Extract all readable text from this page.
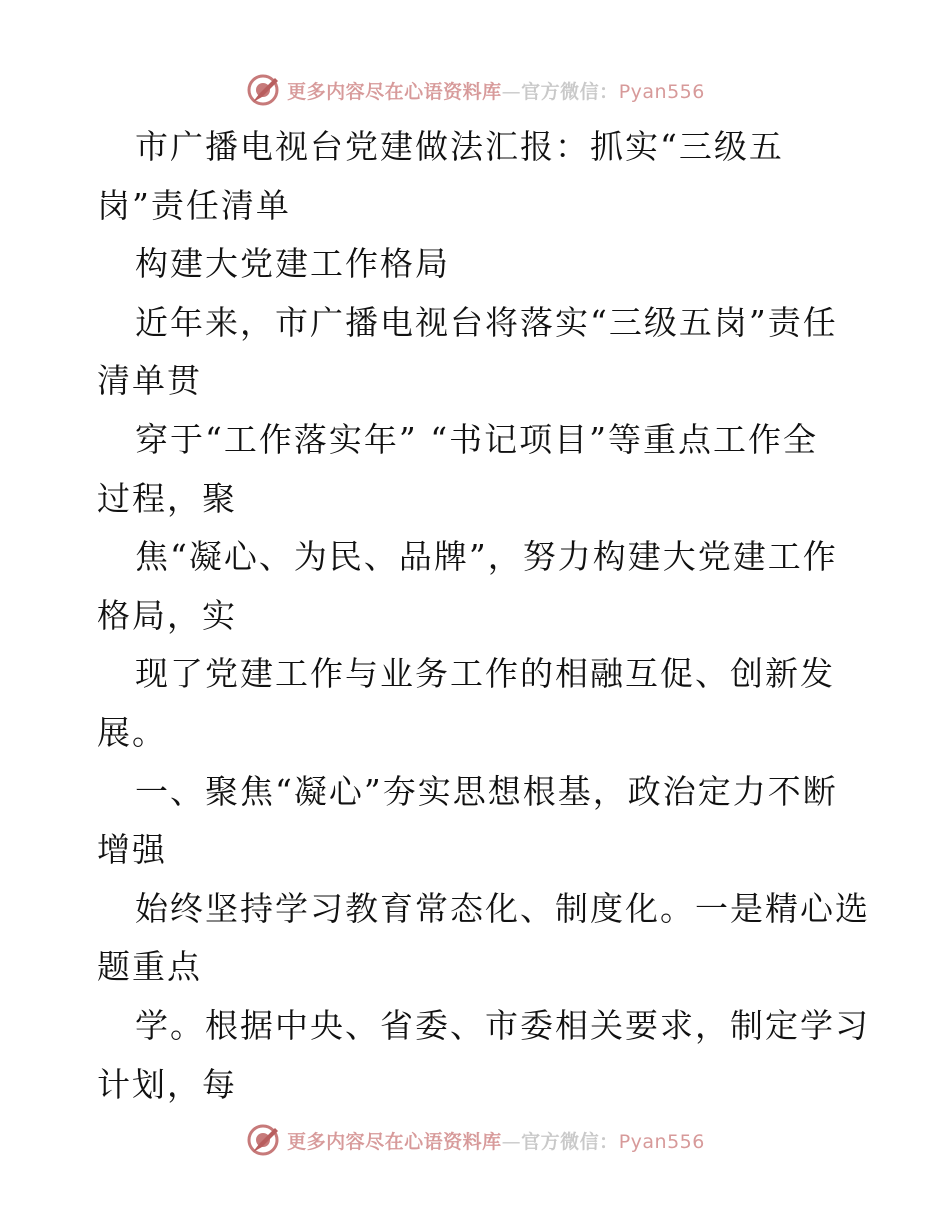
更多内容尽在心语资料库—官方微信：Pyan556
市广播电视台党建做法汇报：抓实“三级五
岗”责任清单
构建大党建工作格局
近年来，市广播电视台将落实“三级五岗”责任
清单贯
穿于“工作落实年” “书记项目”等重点工作全
过程，聚
焦“凝心、为民、品牌”，努力构建大党建工作
格局，实
现了党建工作与业务工作的相融互促、创新发
展。
一、聚焦“凝心”夯实思想根基，政治定力不断
增强
始终坚持学习教育常态化、制度化。一是精心选
题重点
学。根据中央、省委、市委相关要求，制定学习
计划，每
更多内容尽在心语资料库—官方微信：Pyan556
